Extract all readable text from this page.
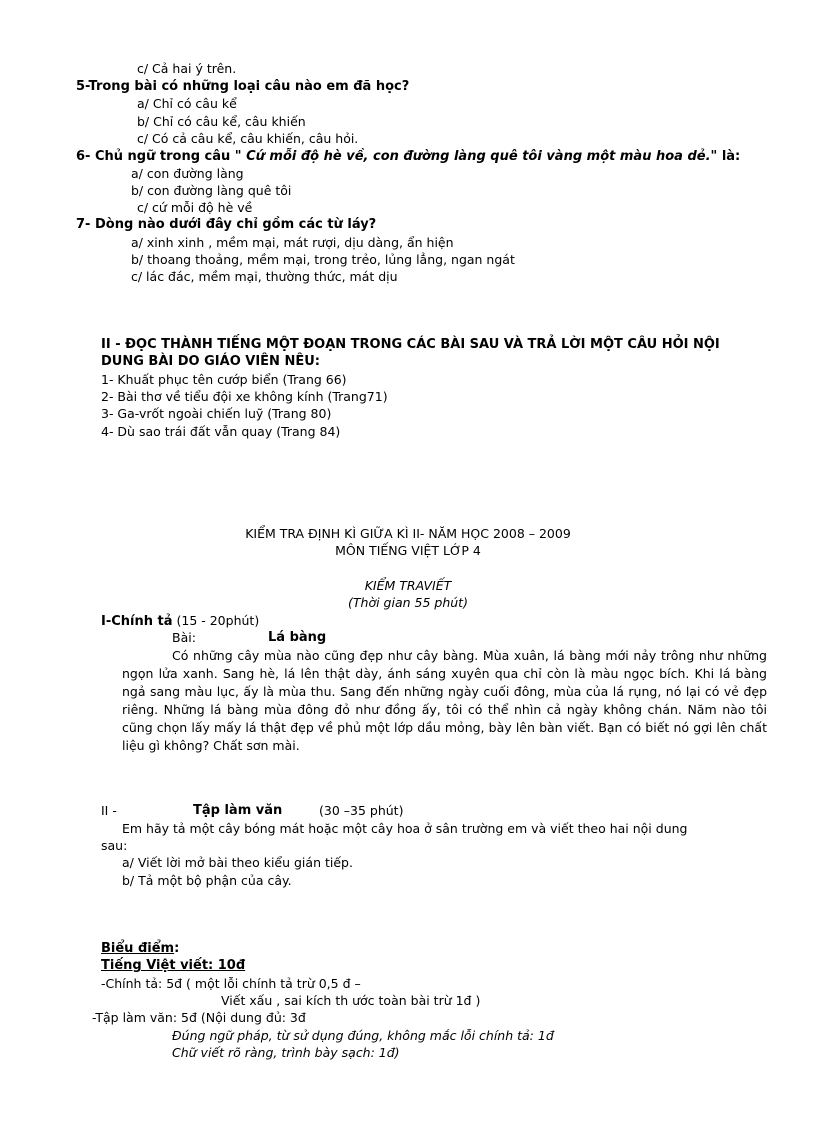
c/ Cả hai ý trên.
5-Trong bài có những loại câu nào em đã học?
a/ Chỉ có câu kể
b/ Chỉ có câu kể, câu khiến
c/ Có cả câu kể, câu khiến, câu hỏi.
6- Chủ ngữ trong câu " Cứ mỗi độ hè về, con đường làng quê tôi vàng một màu hoa dẻ." là:
a/ con đường làng
b/ con đường làng quê tôi
c/ cứ mỗi độ hè về
7- Dòng nào dưới đây chỉ gồm các từ láy?
a/ xinh xinh , mềm mại, mát rượi, dịu dàng, ẩn hiện
b/ thoang thoảng, mềm mại, trong trẻo, lủng lẳng, ngan ngát
c/ lác đác, mềm mại, thường thức, mát dịu
II - ĐỌC THÀNH TIẾNG MỘT ĐOẠN TRONG CÁC BÀI SAU VÀ TRẢ LỜI MỘT CÂU HỎI NỘI
DUNG BÀI DO GIÁO VIÊN NÊU:
1- Khuất phục tên cướp biển (Trang 66)
2- Bài thơ về tiểu đội xe không kính (Trang71)
3- Ga-vrốt ngoài chiến luỹ (Trang 80)
4- Dù sao trái đất vẫn quay (Trang 84)
KIỂM TRA ĐỊNH KÌ GIỮA KÌ II- NĂM HỌC 2008 – 2009
MÔN TIẾNG VIỆT LỚP 4
KIỂM TRAVIẾT
(Thời gian 55 phút)
I-Chính tả (15 - 20phút)
Bài:	Lá bàng
Có những cây mùa nào cũng đẹp như cây bàng. Mùa xuân, lá bàng mới nảy trông như những ngọn lửa xanh. Sang hè, lá lên thật dày, ánh sáng xuyên qua chỉ còn là màu ngọc bích. Khi lá bàng ngả sang màu lục, ấy là mùa thu. Sang đến những ngày cuối đông, mùa của lá rụng, nó lại có vẻ đẹp riêng. Những lá bàng mùa đông đỏ như đồng ấy, tôi có thể nhìn cả ngày không chán. Năm nào tôi cũng chọn lấy mấy lá thật đẹp về phủ một lớp dầu mỏng, bày lên bàn viết. Bạn có biết nó gợi lên chất liệu gì không? Chất sơn mài.
II -	Tập làm văn	(30 –35 phút)
Em hãy tả một cây bóng mát hoặc một cây hoa ở sân trường em và viết theo hai nội dung
sau:
a/ Viết lời mở bài theo kiểu gián tiếp.
b/ Tả một bộ phận của cây.
Biểu điểm:
Tiếng Việt viết: 10đ
-Chính tả: 5đ ( một lỗi chính tả trừ 0,5 đ –
Viết xấu , sai kích th ước toàn bài trừ 1đ )
-Tập làm văn: 5đ (Nội dung đủ: 3đ
Đúng ngữ pháp, từ sử dụng đúng, không mắc lỗi chính tả: 1đ
Chữ viết rõ ràng, trình bày sạch: 1đ)
